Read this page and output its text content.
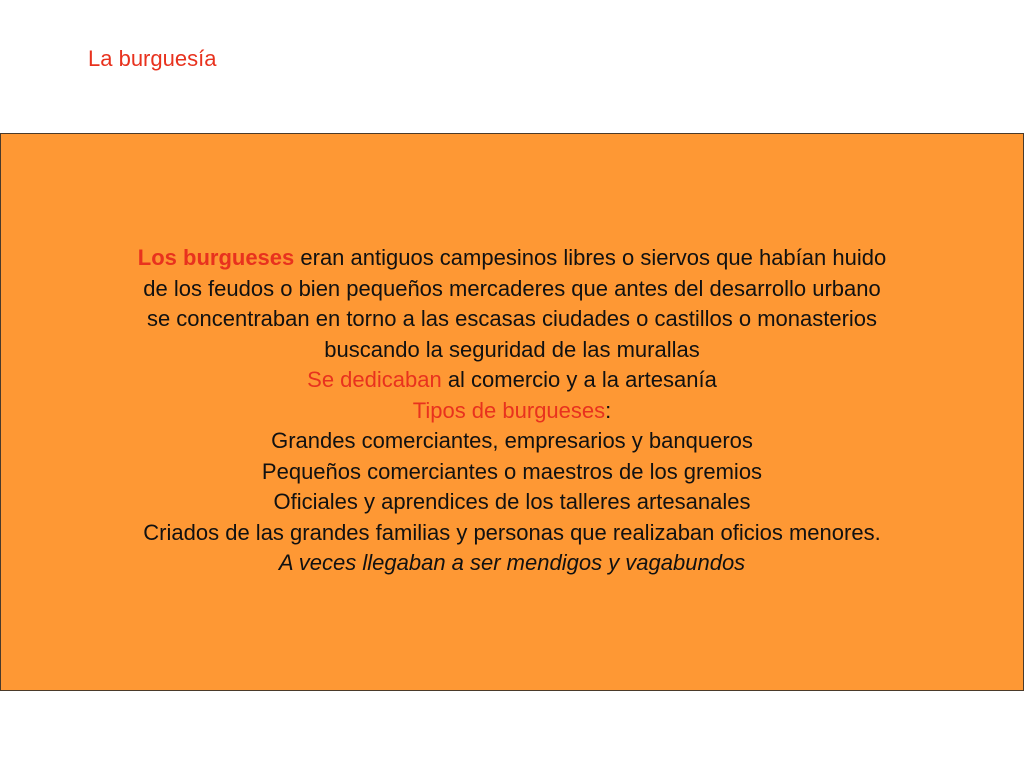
La burguesía
Los burgueses eran antiguos campesinos libres o siervos que habían huido
de los feudos o bien pequeños mercaderes que antes del desarrollo urbano
se concentraban en torno a las escasas ciudades o castillos o monasterios
buscando la seguridad de las murallas
Se dedicaban al comercio y a la artesanía
Tipos de burgueses:
Grandes comerciantes, empresarios y banqueros
Pequeños comerciantes o maestros de los gremios
Oficiales y aprendices de los talleres artesanales
Criados de las grandes familias y personas que realizaban oficios menores.
A veces llegaban a ser mendigos y vagabundos
